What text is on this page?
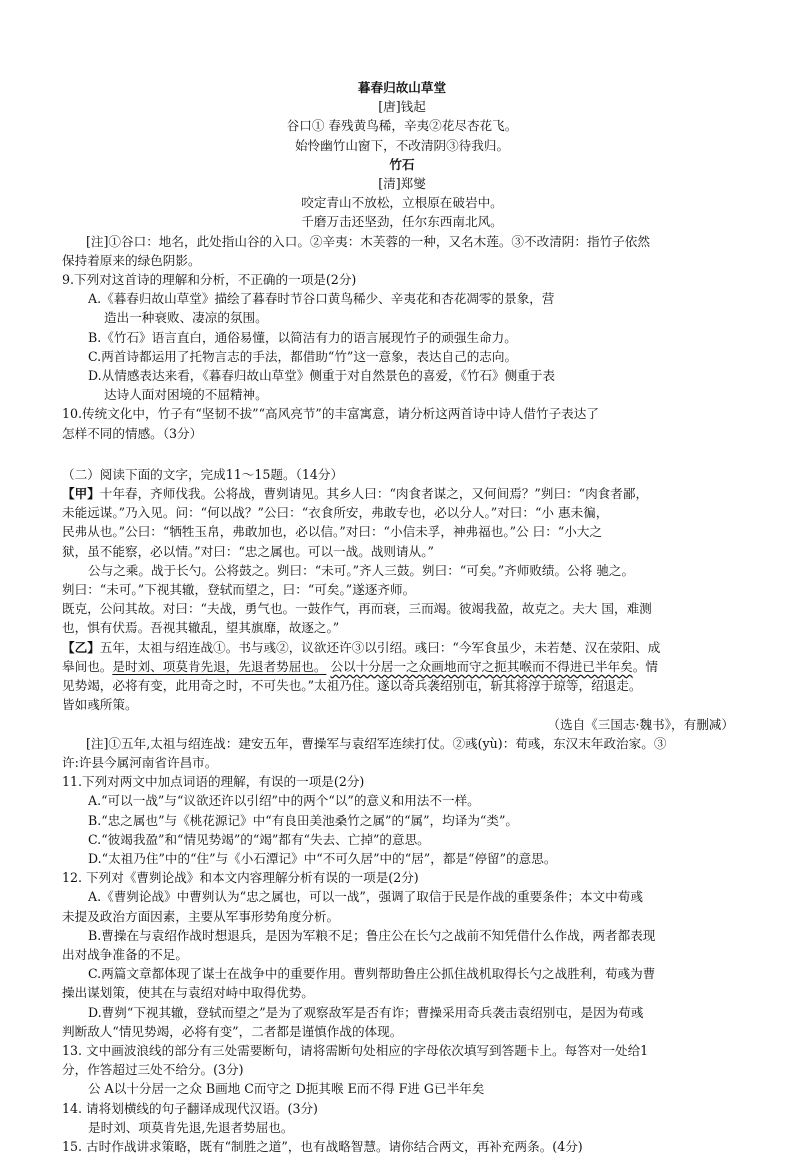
暮春归故山草堂

[唐]钱起

谷口① 春残黄鸟稀，辛夷②花尽杏花飞。

始怜幽竹山窗下，不改清阴③待我归。

竹石

[清]郑燮

咬定青山不放松，立根原在破岩中。

千磨万击还坚劲，任尔东西南北风。

[注]①谷口：地名，此处指山谷的入口。②辛夷：木芙蓉的一种，又名木莲。③不改清阴：指竹子依然

保持着原来的绿色阴影。

9.下列对这首诗的理解和分析，不正确的一项是(2分)

A.《暮春归故山草堂》描绘了暮春时节谷口黄鸟稀少、辛夷花和杏花凋零的景象，营

造出一种衰败、凄凉的氛围。

B.《竹石》语言直白，通俗易懂，以简洁有力的语言展现竹子的顽强生命力。

C.两首诗都运用了托物言志的手法，都借助“竹”这一意象，表达自己的志向。

D.从情感表达来看，《暮春归故山草堂》侧重于对自然景色的喜爱，《竹石》侧重于表

达诗人面对困境的不屈精神。

10.传统文化中，竹子有“坚韧不拔”“高风亮节”的丰富寓意，请分析这两首诗中诗人借竹子表达了

怎样不同的情感。（3分）

（二）阅读下面的文字，完成11～15题。（14分）

【甲】十年春，齐师伐我。公将战，曹刿请见。其乡人曰：“肉食者谋之，又何间焉？”刿曰：“肉食者鄙，

未能远谋。”乃入见。问：“何以战？”公曰：“衣食所安，弗敢专也，必以分人。”对曰：“小 惠未徧，

民弗从也。”公曰：“牺牲玉帛，弗敢加也，必以信。”对曰：“小信未孚，神弗福也。”公 曰：“小大之

狱，虽不能察，必以情。”对曰：“忠之属也。可以一战。战则请从。”

公与之乘。战于长勺。公将鼓之。刿曰：“未可。”齐人三鼓。刿曰：“可矣。”齐师败绩。公将 驰之。

刿曰：“未可。”下视其辙，登轼而望之，曰：“可矣。”遂逐齐师。

既克，公问其故。对曰：“夫战，勇气也。一鼓作气，再而衰，三而竭。彼竭我盈，故克之。夫大 国，难测

也，惧有伏焉。吾视其辙乱，望其旗靡，故逐之。”

【乙】五年，太祖与绍连战①。书与彧②，议欲还许③以引绍。彧曰：“今军食虽少，未若楚、汉在荥阳、成

皋间也。是时刘、项莫肯先退，先退者势屈也。 公以十分居一之众画地而守之扼其喉而不得进已半年矣。情

见势竭，必将有变，此用奇之时，不可失也。”太祖乃住。遂以奇兵袭绍别屯，斩其将淳于琼等，绍退走。

皆如彧所策。

（选自《三国志·魏书》，有删减）

[注]①五年,太祖与绍连战：建安五年，曹操军与袁绍军连续打仗。②彧(yù)：荀彧，东汉末年政治家。③

许:许县今属河南省许昌市。

11.下列对两文中加点词语的理解，有误的一项是(2分)

A.“可以一战”与“议欲还许以引绍”中的两个“以”的意义和用法不一样。

B.“忠之属也”与《桃花源记》中“有良田美池桑竹之属”的“属”，均译为“类”。

C.“彼竭我盈”和“情见势竭”的“竭”都有“失去、亡掉”的意思。

D.“太祖乃住”中的“住”与《小石潭记》中“不可久居”中的“居”，都是“停留”的意思。

12. 下列对《曹刿论战》和本文内容理解分析有误的一项是(2分)

A.《曹刿论战》中曹刿认为“忠之属也，可以一战”，强调了取信于民是作战的重要条件；本文中荀彧

未提及政治方面因素，主要从军事形势角度分析。

B.曹操在与袁绍作战时想退兵，是因为军粮不足；鲁庄公在长勺之战前不知凭借什么作战，两者都表现

出对战争准备的不足。

C.两篇文章都体现了谋士在战争中的重要作用。曹刿帮助鲁庄公抓住战机取得长勺之战胜利，荀彧为曹

操出谋划策，使其在与袁绍对峙中取得优势。

D.曹刿“下视其辙，登轼而望之”是为了观察敌军是否有诈；曹操采用奇兵袭击袁绍别屯，是因为荀彧

判断敌人“情见势竭，必将有变”，二者都是谨慎作战的体现。

13. 文中画波浪线的部分有三处需要断句，请将需断句处相应的字母依次填写到答题卡上。每答对一处给1

分，作答超过三处不给分。(3分)

公 A以十分居一之众 B画地 C而守之 D扼其喉 E而不得 F进 G已半年矣

14. 请将划横线的句子翻译成现代汉语。(3分)

是时刘、项莫肯先退,先退者势屈也。

15. 古时作战讲求策略，既有“制胜之道”，也有战略智慧。请你结合两文，再补充两条。(4分)
